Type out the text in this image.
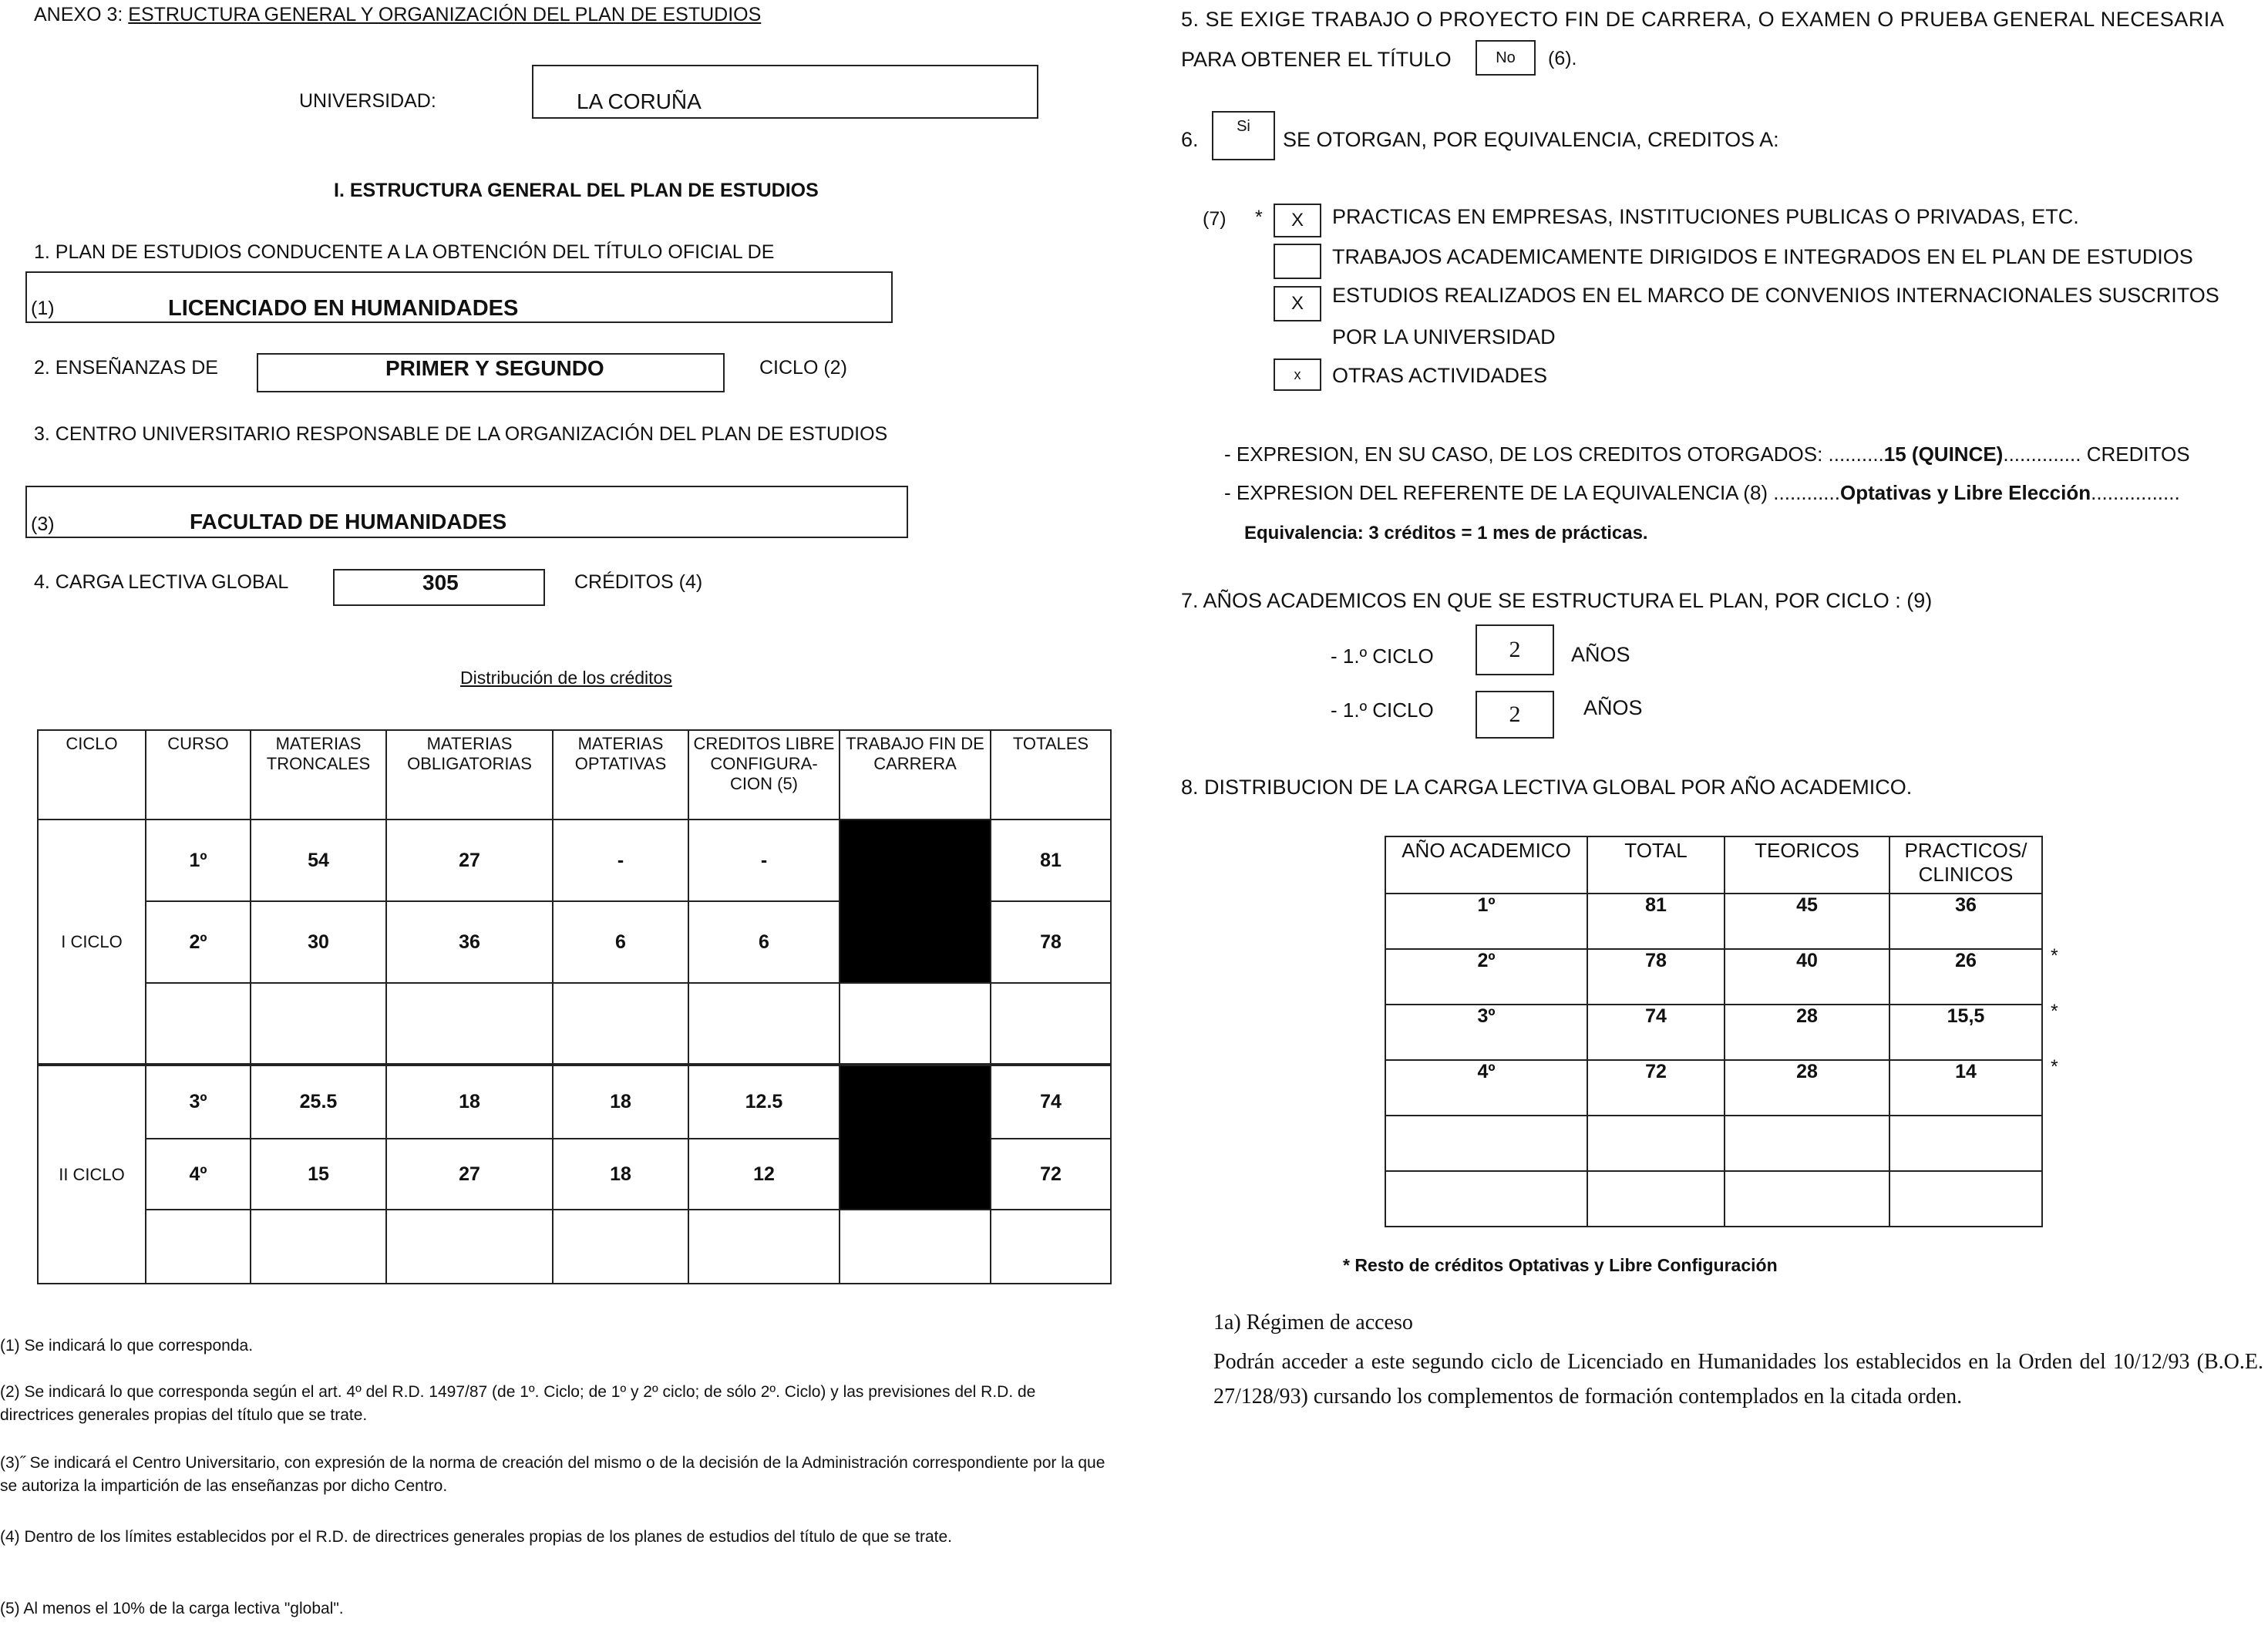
ANEXO 3: ESTRUCTURA GENERAL Y ORGANIZACIÓN DEL PLAN DE ESTUDIOS
UNIVERSIDAD:	LA CORUÑA
I. ESTRUCTURA GENERAL DEL PLAN DE ESTUDIOS
1. PLAN DE ESTUDIOS CONDUCENTE A LA OBTENCIÓN DEL TÍTULO OFICIAL DE
(1)	LICENCIADO EN HUMANIDADES
2. ENSEÑANZAS DE	PRIMER Y SEGUNDO	CICLO (2)
3. CENTRO UNIVERSITARIO RESPONSABLE DE LA ORGANIZACIÓN DEL PLAN DE ESTUDIOS
(3)	FACULTAD DE HUMANIDADES
4. CARGA LECTIVA GLOBAL	305	CRÉDITOS (4)
Distribución de los créditos
CICLO	CURSO	MATERIAS TRONCALES	MATERIAS OBLIGATORIAS	MATERIAS OPTATIVAS	CREDITOS LIBRE CONFIGURA-CION (5)	TRABAJO FIN DE CARRERA	TOTALES
I CICLO	1º	54	27	-	-		81
	2º	30	36	6	6		78

II CICLO	3º	25.5	18	18	12.5		74
	4º	15	27	18	12		72

(1) Se indicará lo que corresponda.
(2) Se indicará lo que corresponda según el art. 4º del R.D. 1497/87 (de 1º. Ciclo; de 1º y 2º ciclo; de sólo 2º. Ciclo) y las previsiones del R.D. de directrices generales propias del título que se trate.
(3)˝ Se indicará el Centro Universitario, con expresión de la norma de creación del mismo o de la decisión de la Administración correspondiente por la que se autoriza la impartición de las enseñanzas por dicho Centro.
(4) Dentro de los límites establecidos por el R.D. de directrices generales propias de los planes de estudios del título de que se trate.
(5) Al menos el 10% de la carga lectiva "global".
5. SE EXIGE TRABAJO O PROYECTO FIN DE CARRERA, O EXAMEN O PRUEBA GENERAL NECESARIA
PARA OBTENER EL TÍTULO	No	(6).
6.
Si
SE OTORGAN, POR EQUIVALENCIA, CREDITOS A:
(7) *	X	PRACTICAS EN EMPRESAS, INSTITUCIONES PUBLICAS O PRIVADAS, ETC.
TRABAJOS ACADEMICAMENTE DIRIGIDOS E INTEGRADOS EN EL PLAN DE ESTUDIOS
X	ESTUDIOS REALIZADOS EN EL MARCO DE CONVENIOS INTERNACIONALES SUSCRITOS
POR LA UNIVERSIDAD
x	OTRAS ACTIVIDADES
- EXPRESION, EN SU CASO, DE LOS CREDITOS OTORGADOS: ..........15 (QUINCE).............. CREDITOS
- EXPRESION DEL REFERENTE DE LA EQUIVALENCIA (8) ............Optativas y Libre Elección................
Equivalencia: 3 créditos = 1 mes de prácticas.
7. AÑOS ACADEMICOS EN QUE SE ESTRUCTURA EL PLAN, POR CICLO : (9)
- 1.º CICLO	2	AÑOS
- 1.º CICLO	2	AÑOS
8. DISTRIBUCION DE LA CARGA LECTIVA GLOBAL POR AÑO ACADEMICO.
AÑO ACADEMICO	TOTAL	TEORICOS	PRACTICOS/ CLINICOS
1º	81	45	36
2º	78	40	26
3º	74	28	15,5
4º	72	28	14

*
*
*
* Resto de créditos Optativas y Libre Configuración
1a) Régimen de acceso
Podrán acceder a este segundo ciclo de Licenciado en Humanidades los establecidos en la Orden del 10/12/93 (B.O.E. 27/128/93) cursando los complementos de formación contemplados en la citada orden.
